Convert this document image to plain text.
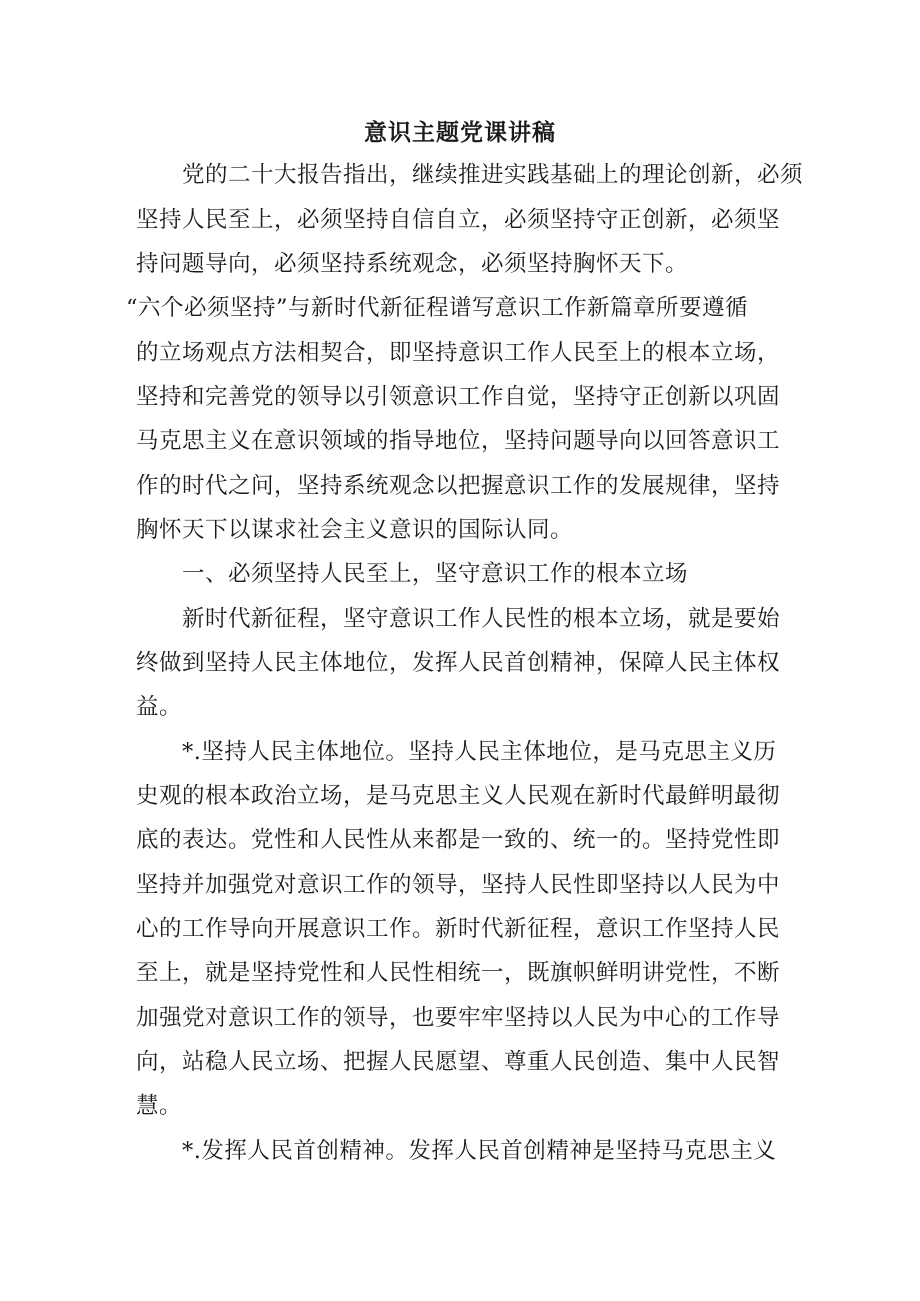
意识主题党课讲稿
党的二十大报告指出，继续推进实践基础上的理论创新，必须
坚持人民至上，必须坚持自信自立，必须坚持守正创新，必须坚
持问题导向，必须坚持系统观念，必须坚持胸怀天下。
“六个必须坚持”与新时代新征程谱写意识工作新篇章所要遵循
的立场观点方法相契合，即坚持意识工作人民至上的根本立场，
坚持和完善党的领导以引领意识工作自觉，坚持守正创新以巩固
马克思主义在意识领域的指导地位，坚持问题导向以回答意识工
作的时代之问，坚持系统观念以把握意识工作的发展规律，坚持
胸怀天下以谋求社会主义意识的国际认同。
一、必须坚持人民至上，坚守意识工作的根本立场
新时代新征程，坚守意识工作人民性的根本立场，就是要始
终做到坚持人民主体地位，发挥人民首创精神，保障人民主体权
益。
*.坚持人民主体地位。坚持人民主体地位，是马克思主义历
史观的根本政治立场，是马克思主义人民观在新时代最鲜明最彻
底的表达。党性和人民性从来都是一致的、统一的。坚持党性即
坚持并加强党对意识工作的领导，坚持人民性即坚持以人民为中
心的工作导向开展意识工作。新时代新征程，意识工作坚持人民
至上，就是坚持党性和人民性相统一，既旗帜鲜明讲党性，不断
加强党对意识工作的领导，也要牢牢坚持以人民为中心的工作导
向，站稳人民立场、把握人民愿望、尊重人民创造、集中人民智
慧。
*.发挥人民首创精神。发挥人民首创精神是坚持马克思主义
